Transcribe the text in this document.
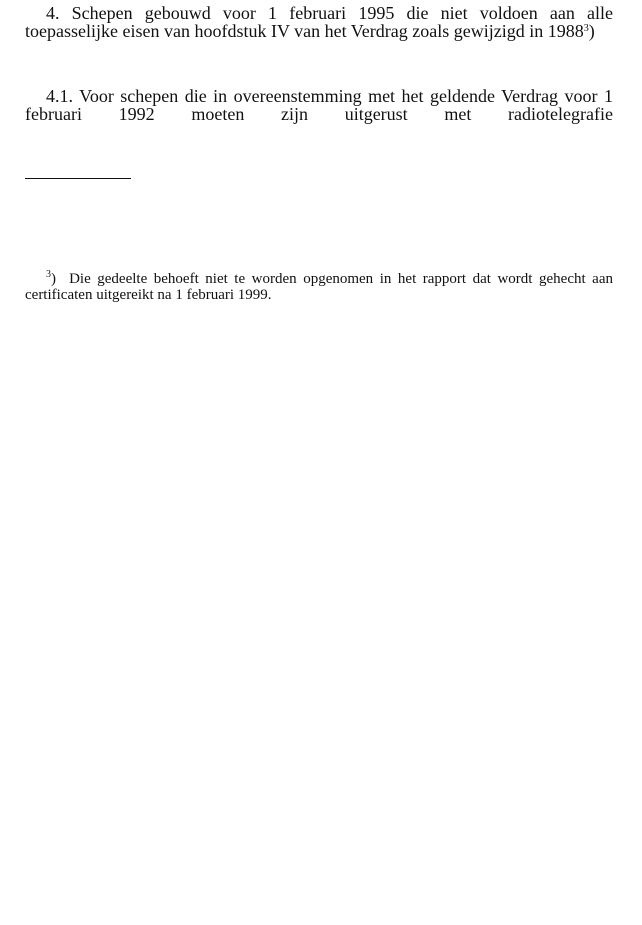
4. Schepen gebouwd voor 1 februari 1995 die niet voldoen aan alle toepasselijke eisen van hoofdstuk IV van het Verdrag zoals gewijzigd in 1988$^3$)

4.1. Voor schepen die in overeenstemming met het geldende Verdrag voor 1 februari 1992 moeten zijn uitgerust met radiotelegrafie

$^3$) Die gedeelte behoeft niet te worden opgenomen in het rapport dat wordt gehecht aan certificaten uitgereikt na 1 februari 1999.
